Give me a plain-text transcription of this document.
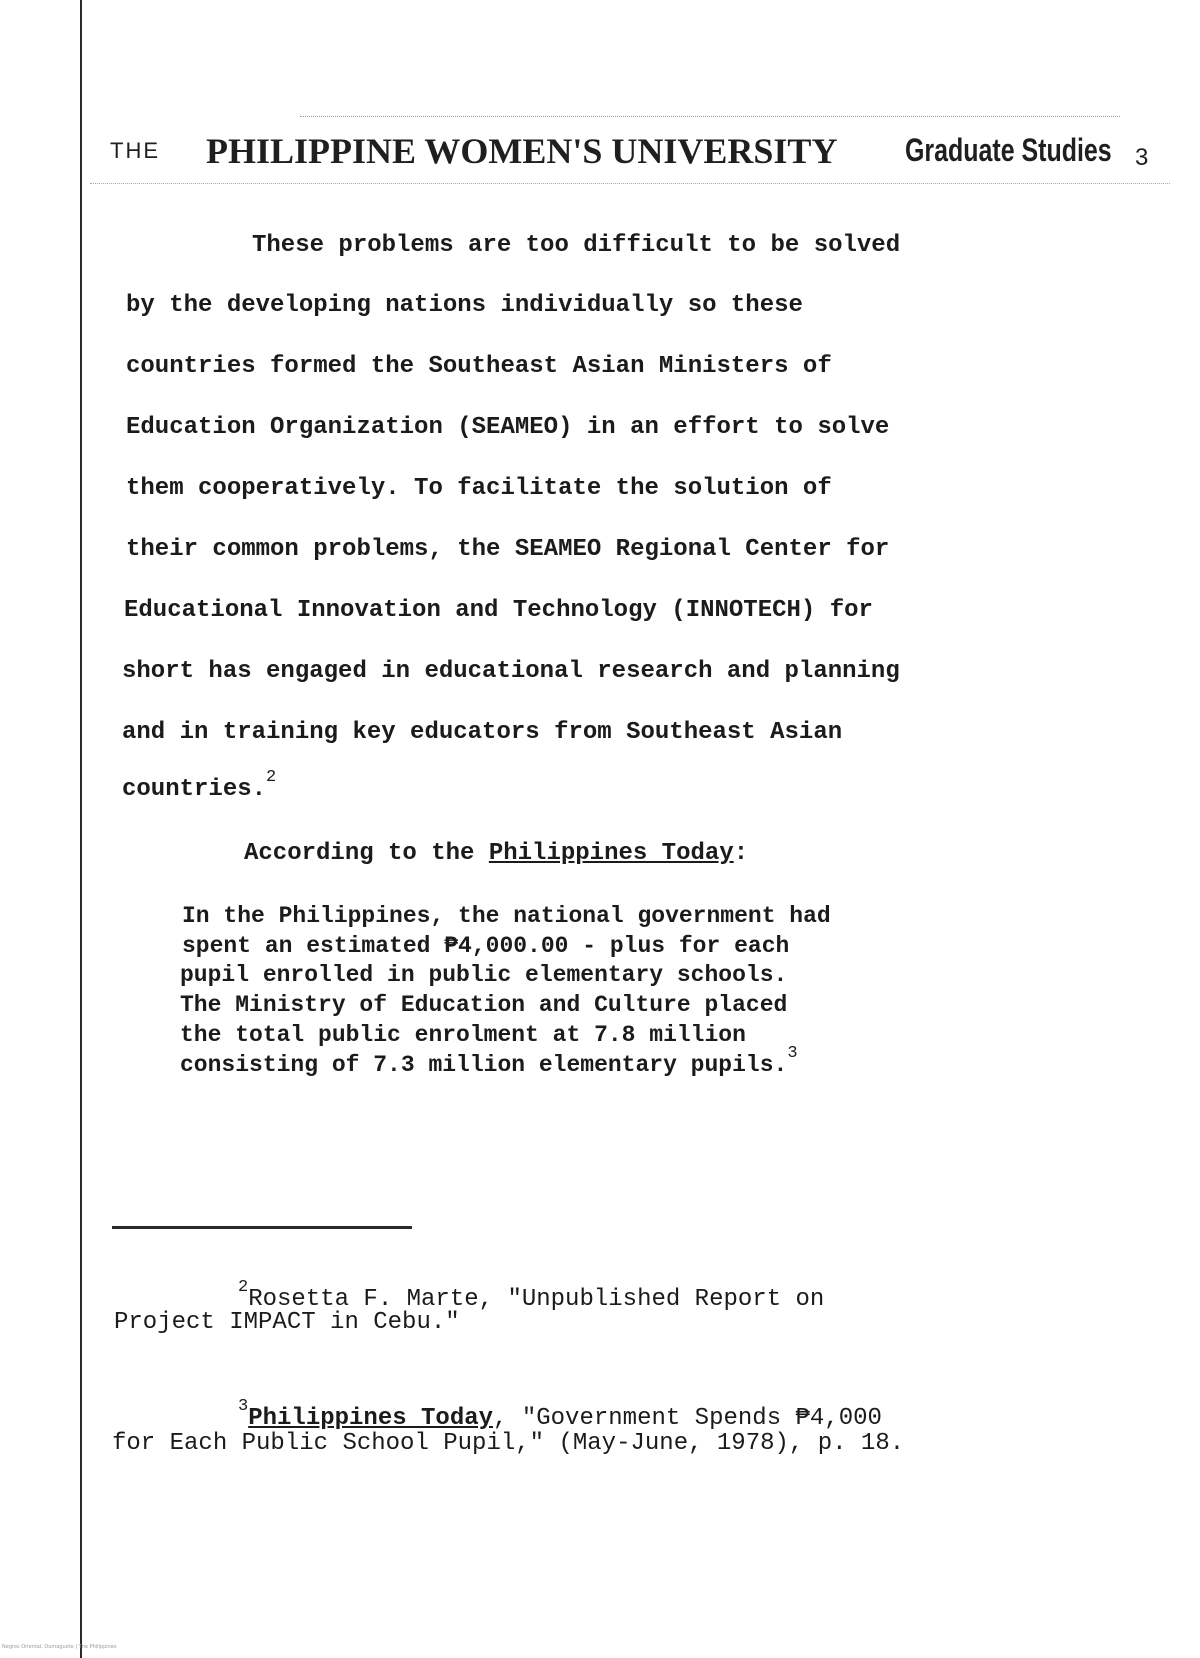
THE PHILIPPINE WOMEN'S UNIVERSITY Graduate Studies 3
These problems are too difficult to be solved
by the developing nations individually so these
countries formed the Southeast Asian Ministers of
Education Organization (SEAMEO) in an effort to solve
them cooperatively. To facilitate the solution of
their common problems, the SEAMEO Regional Center for
Educational Innovation and Technology (INNOTECH) for
short has engaged in educational research and planning
and in training key educators from Southeast Asian
countries.$^2$
According to the Philippines Today:
In the Philippines, the national government had
spent an estimated ₱4,000.00 - plus for each
pupil enrolled in public elementary schools.
The Ministry of Education and Culture placed
the total public enrolment at 7.8 million
consisting of 7.3 million elementary pupils.$^3$
$^2$Rosetta F. Marte, "Unpublished Report on
Project IMPACT in Cebu."
$^3$Philippines Today, "Government Spends ₱4,000
for Each Public School Pupil," (May-June, 1978), p. 18.
Negros Oriental, Dumaguete | The Philippines
